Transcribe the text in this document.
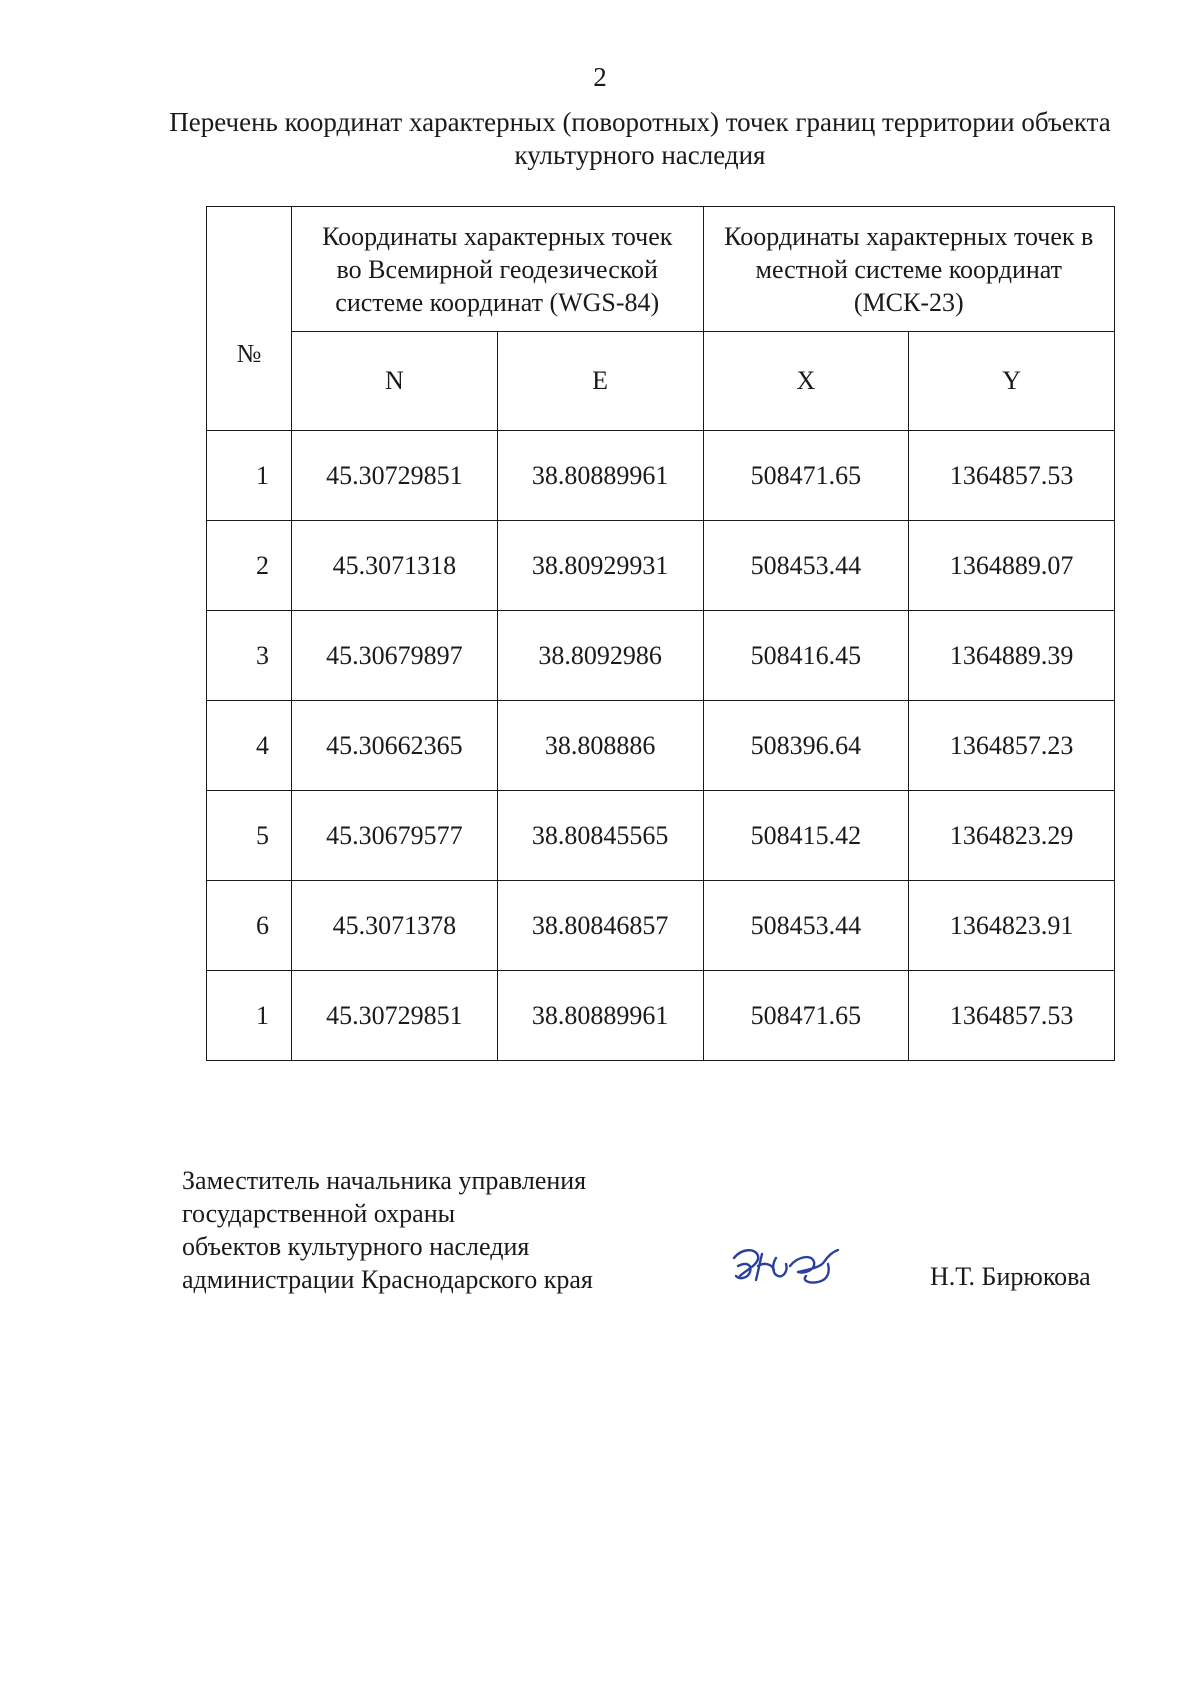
2
Перечень координат характерных (поворотных) точек границ территории объекта культурного наследия
№	Координаты характерных точек во Всемирной геодезической системе координат (WGS-84)		Координаты характерных точек в местной системе координат (МСК-23)	
	N	E	X	Y
1	45.30729851	38.80889961	508471.65	1364857.53
2	45.3071318	38.80929931	508453.44	1364889.07
3	45.30679897	38.8092986	508416.45	1364889.39
4	45.30662365	38.808886	508396.64	1364857.23
5	45.30679577	38.80845565	508415.42	1364823.29
6	45.3071378	38.80846857	508453.44	1364823.91
1	45.30729851	38.80889961	508471.65	1364857.53
Заместитель начальника управления
государственной охраны
объектов культурного наследия
администрации Краснодарского края	Н.Т. Бирюкова
